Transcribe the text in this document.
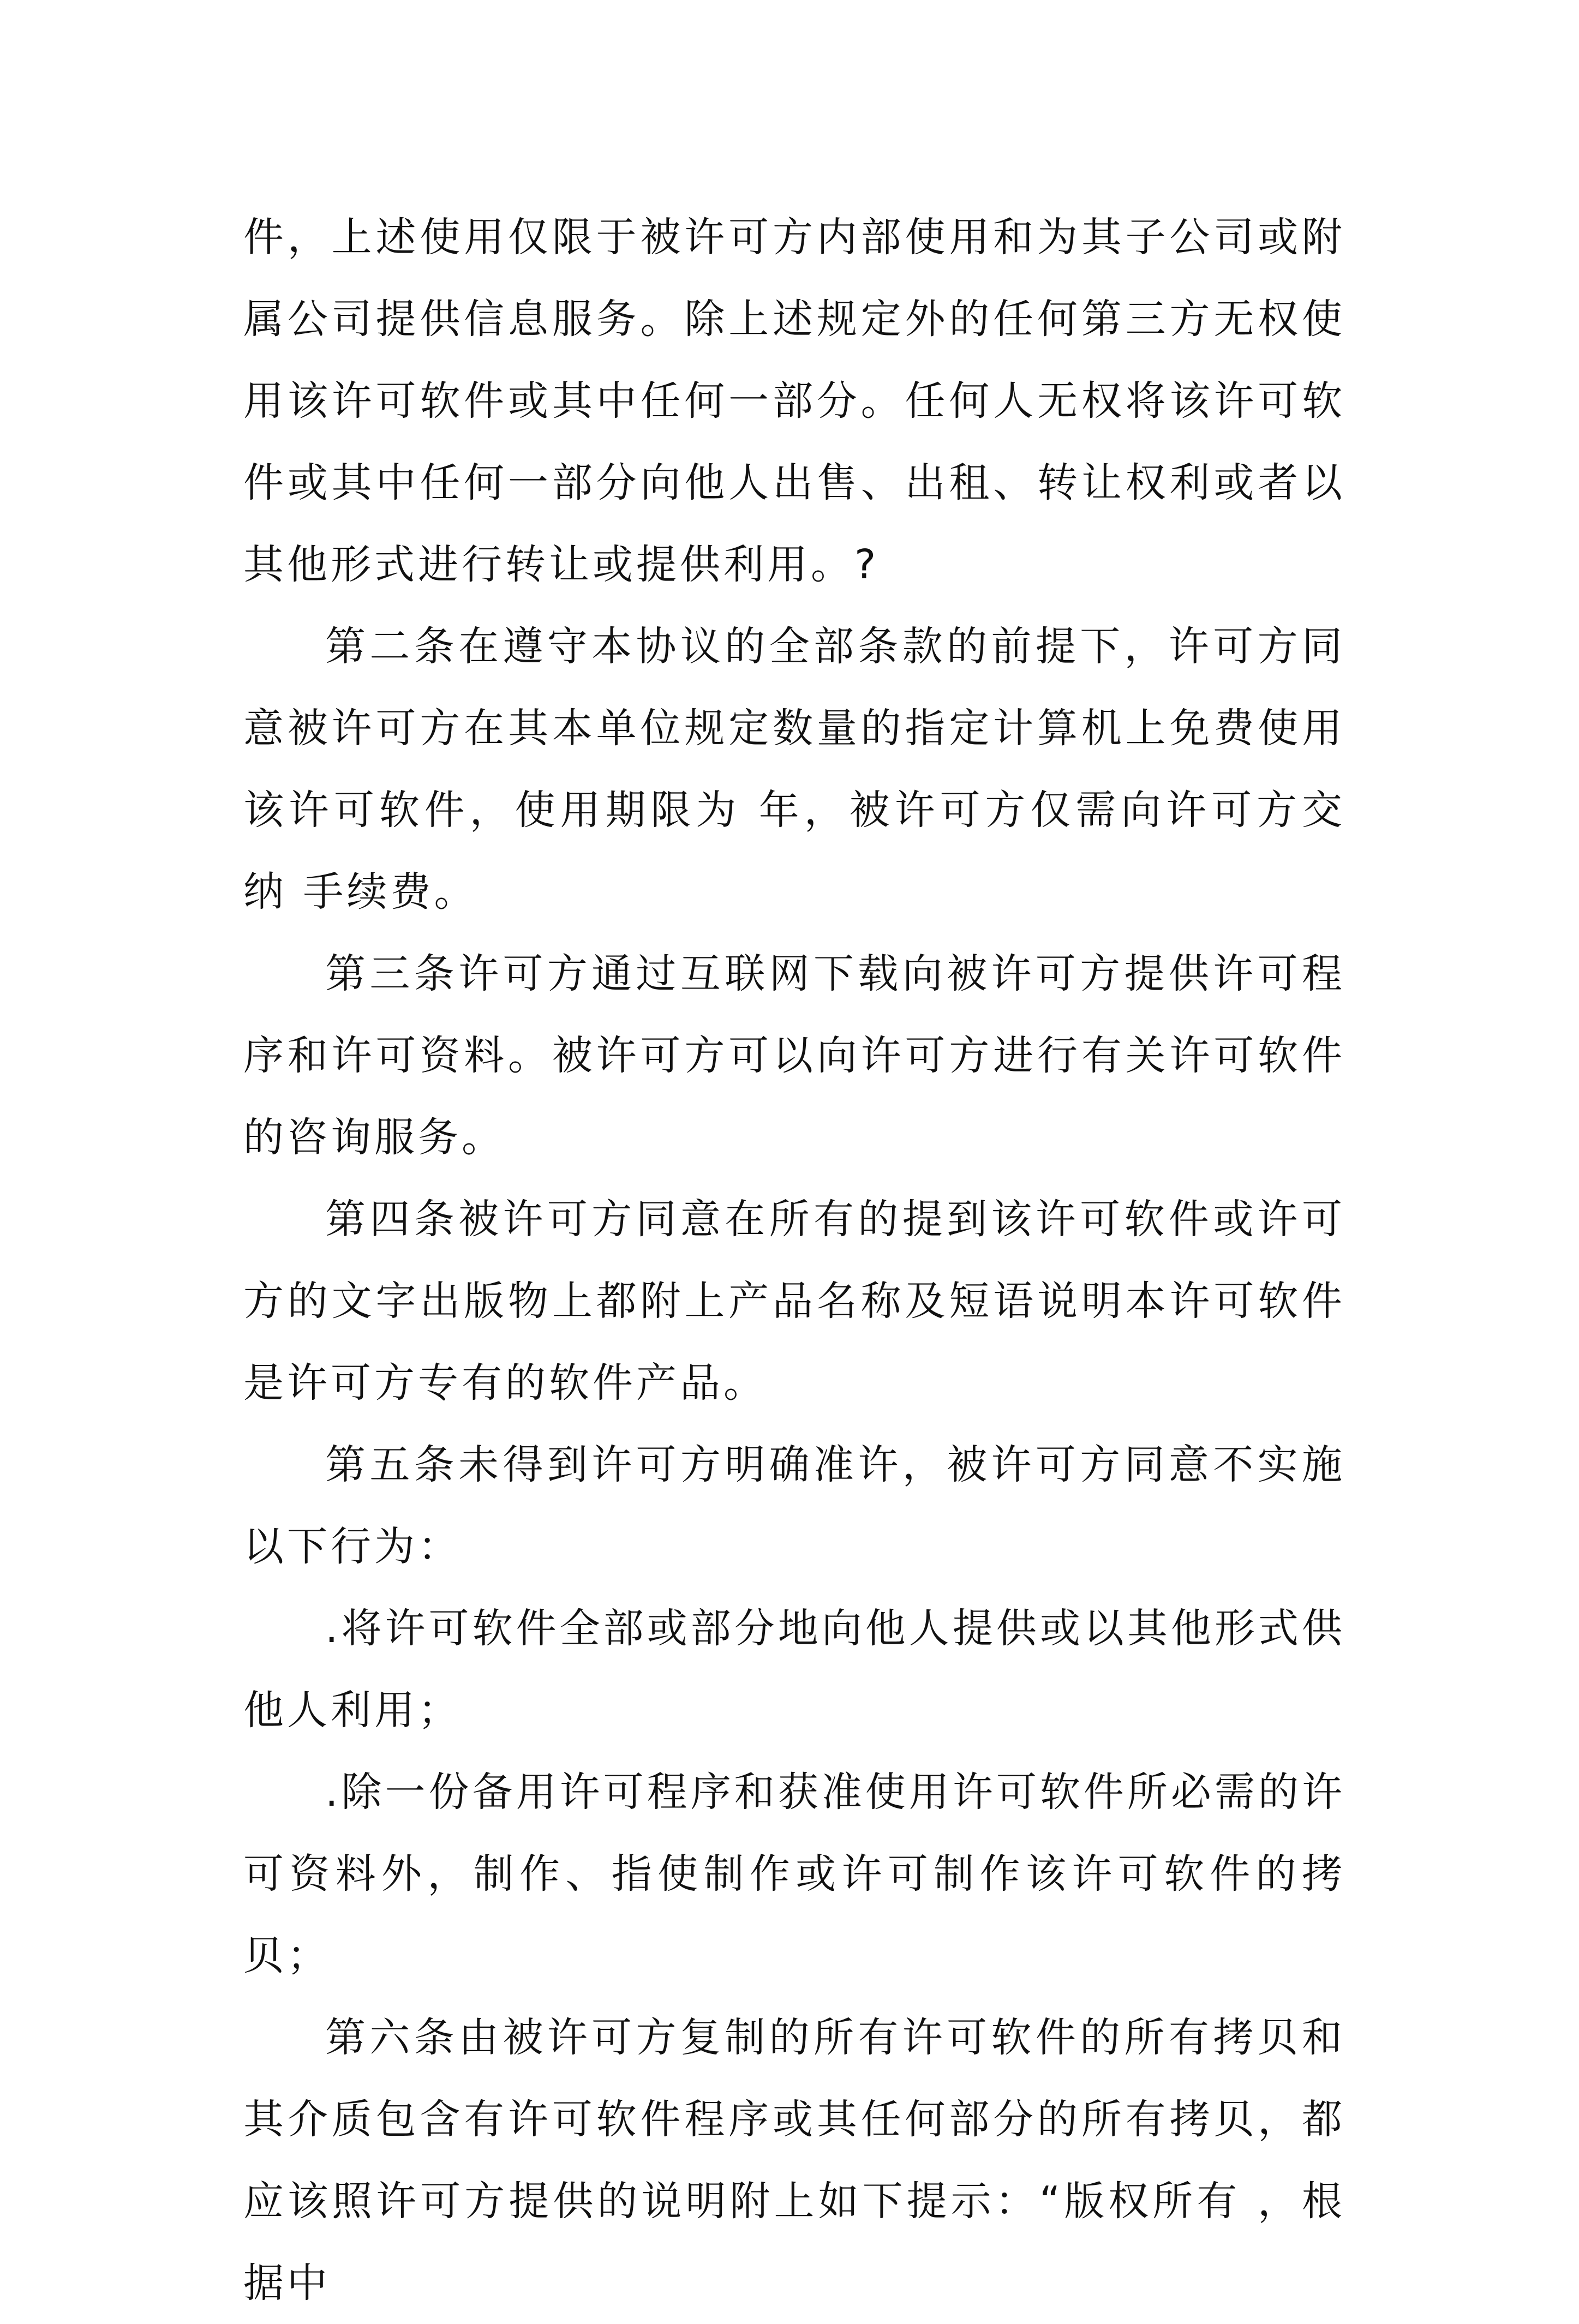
件，上述使用仅限于被许可方内部使用和为其子公司或附属公司提供信息服务。除上述规定外的任何第三方无权使用该许可软件或其中任何一部分。任何人无权将该许可软件或其中任何一部分向他人出售、出租、转让权利或者以其他形式进行转让或提供利用。?

第二条在遵守本协议的全部条款的前提下，许可方同意被许可方在其本单位规定数量的指定计算机上免费使用该许可软件，使用期限为 年，被许可方仅需向许可方交纳 手续费。

第三条许可方通过互联网下载向被许可方提供许可程序和许可资料。被许可方可以向许可方进行有关许可软件的咨询服务。

第四条被许可方同意在所有的提到该许可软件或许可方的文字出版物上都附上产品名称及短语说明本许可软件是许可方专有的软件产品。

第五条未得到许可方明确准许，被许可方同意不实施以下行为：

.将许可软件全部或部分地向他人提供或以其他形式供他人利用；

.除一份备用许可程序和获准使用许可软件所必需的许可资料外，制作、指使制作或许可制作该许可软件的拷贝；

第六条由被许可方复制的所有许可软件的所有拷贝和其介质包含有许可软件程序或其任何部分的所有拷贝，都应该照许可方提供的说明附上如下提示：“版权所有 ，根据中
